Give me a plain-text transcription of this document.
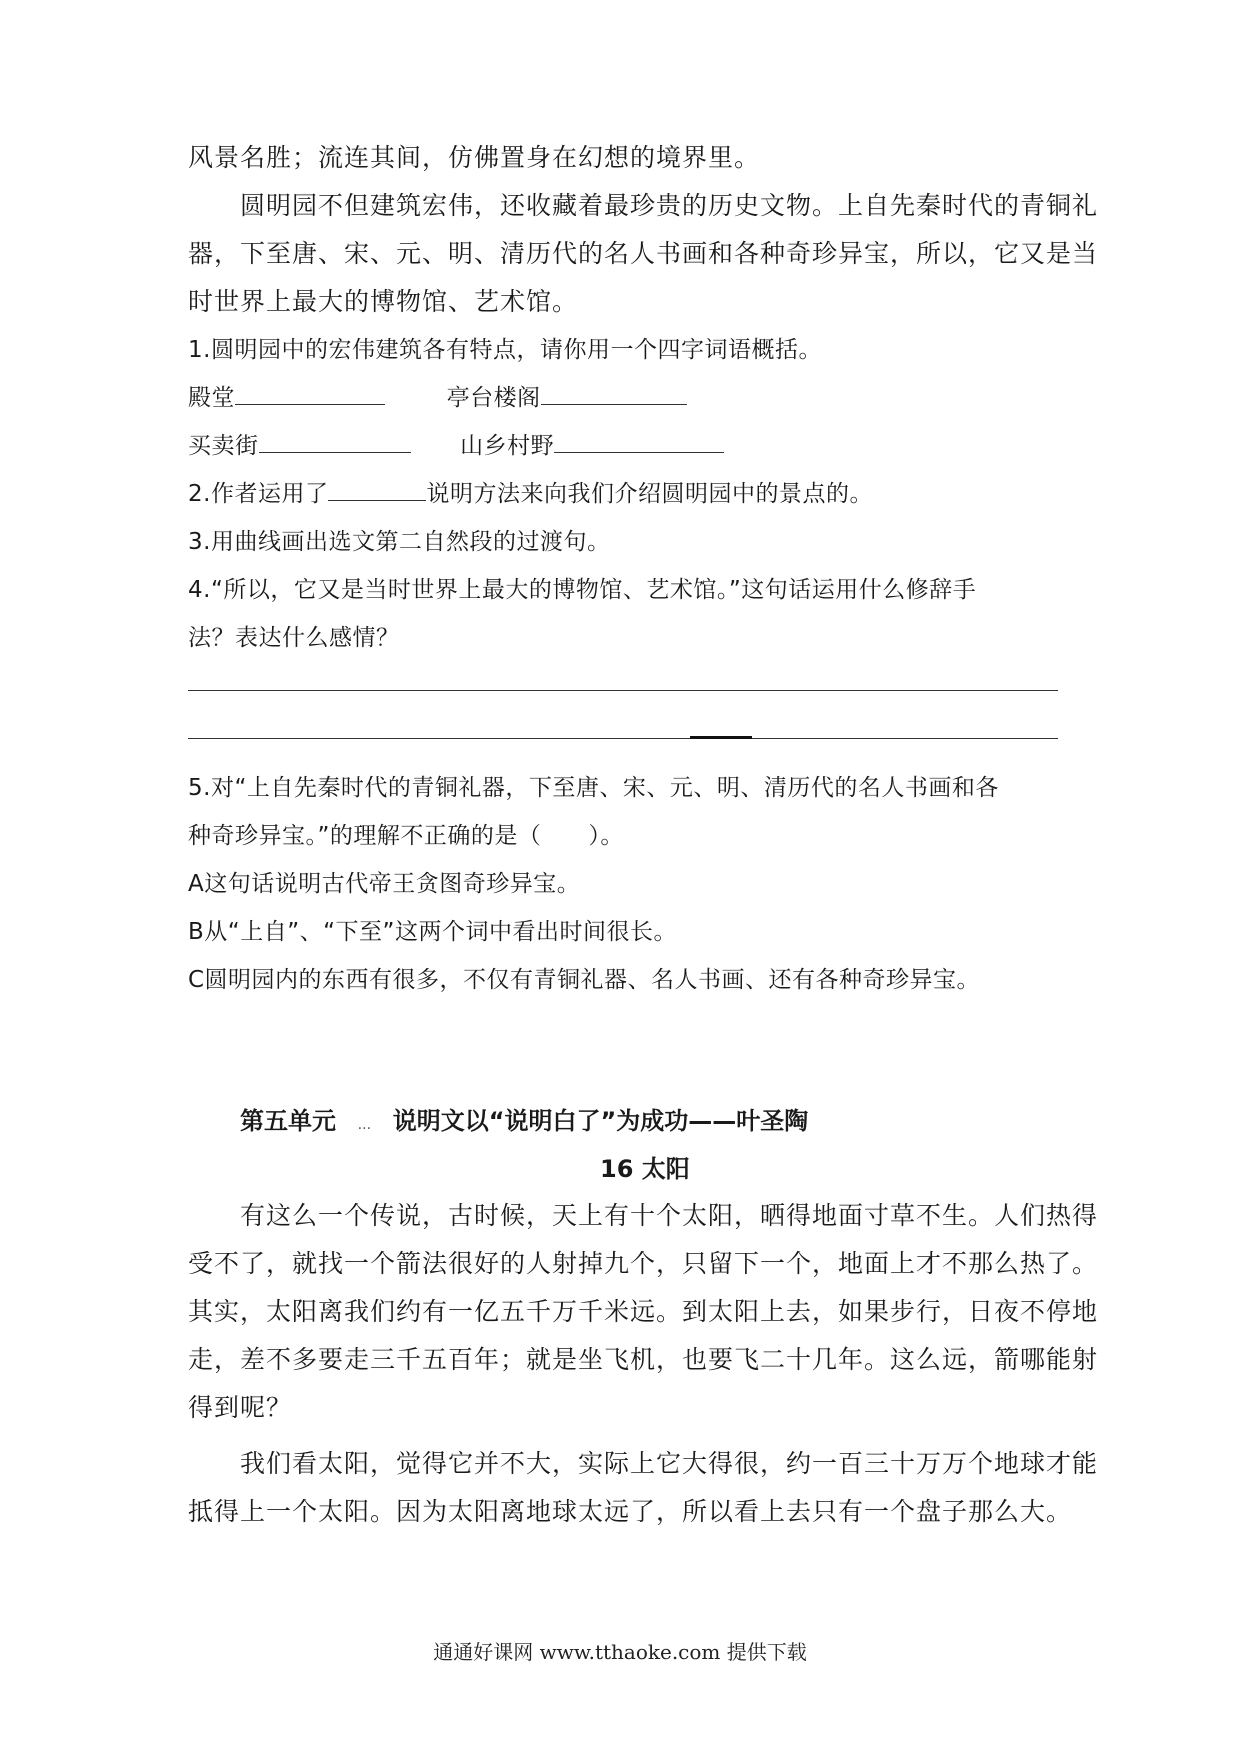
风景名胜；流连其间，仿佛置身在幻想的境界里。
圆明园不但建筑宏伟，还收藏着最珍贵的历史文物。上自先秦时代的青铜礼
器，下至唐、宋、元、明、清历代的名人书画和各种奇珍异宝，所以，它又是当
时世界上最大的博物馆、艺术馆。
1.圆明园中的宏伟建筑各有特点，请你用一个四字词语概括。
殿堂	亭台楼阁
买卖街	山乡村野
2.作者运用了	说明方法来向我们介绍圆明园中的景点的。
3.用曲线画出选文第二自然段的过渡句。
4.“所以，它又是当时世界上最大的博物馆、艺术馆。”这句话运用什么修辞手
法？表达什么感情？
5.对“上自先秦时代的青铜礼器，下至唐、宋、元、明、清历代的名人书画和各
种奇珍异宝。”的理解不正确的是（　　）。
A这句话说明古代帝王贪图奇珍异宝。
B从“上自”、“下至”这两个词中看出时间很长。
C圆明园内的东西有很多，不仅有青铜礼器、名人书画、还有各种奇珍异宝。
第五单元 ... 说明文以“说明白了”为成功——叶圣陶
16 太阳
有这么一个传说，古时候，天上有十个太阳，晒得地面寸草不生。人们热得
受不了，就找一个箭法很好的人射掉九个，只留下一个，地面上才不那么热了。
其实，太阳离我们约有一亿五千万千米远。到太阳上去，如果步行，日夜不停地
走，差不多要走三千五百年；就是坐飞机，也要飞二十几年。这么远，箭哪能射
得到呢？
我们看太阳，觉得它并不大，实际上它大得很，约一百三十万万个地球才能
抵得上一个太阳。因为太阳离地球太远了，所以看上去只有一个盘子那么大。
通通好课网 www.tthaoke.com 提供下载
